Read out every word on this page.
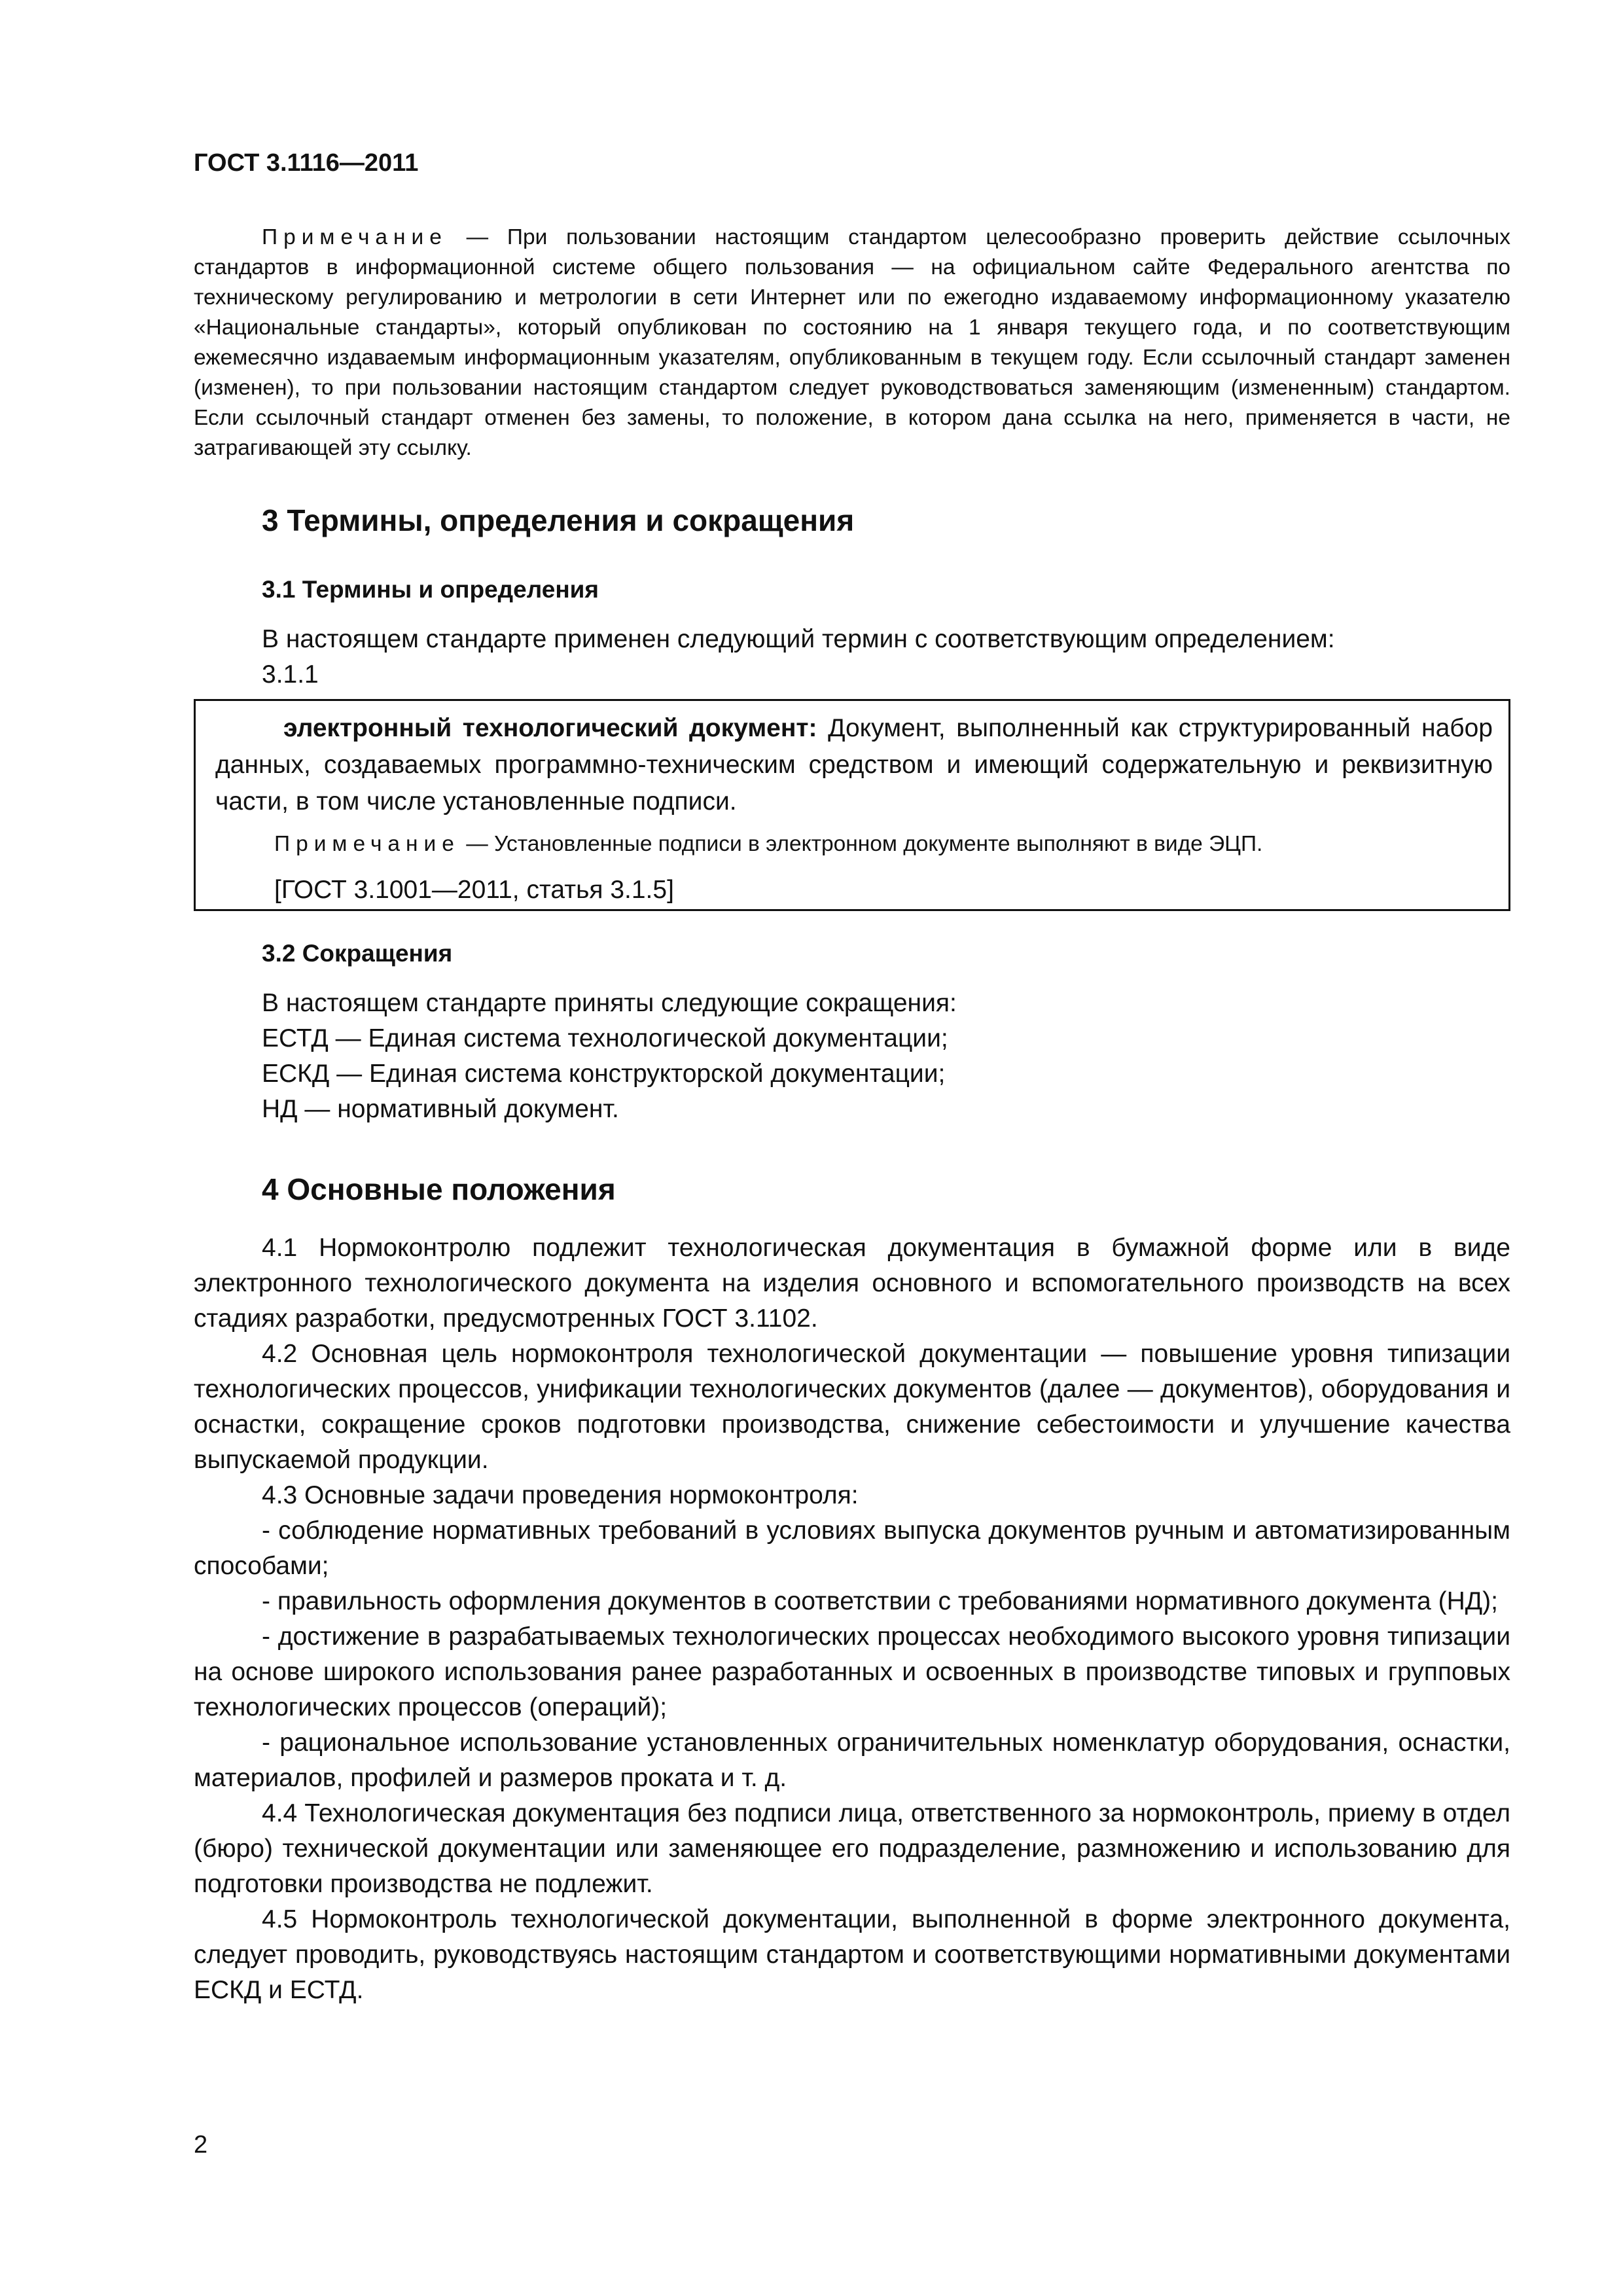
ГОСТ 3.1116—2011
Примечание — При пользовании настоящим стандартом целесообразно проверить действие ссылочных стандартов в информационной системе общего пользования — на официальном сайте Федерального агентства по техническому регулированию и метрологии в сети Интернет или по ежегодно издаваемому информационному указателю «Национальные стандарты», который опубликован по состоянию на 1 января текущего года, и по соответствующим ежемесячно издаваемым информационным указателям, опубликованным в текущем году. Если ссылочный стандарт заменен (изменен), то при пользовании настоящим стандартом следует руководствоваться заменяющим (измененным) стандартом. Если ссылочный стандарт отменен без замены, то положение, в котором дана ссылка на него, применяется в части, не затрагивающей эту ссылку.
3 Термины, определения и сокращения
3.1 Термины и определения
В настоящем стандарте применен следующий термин с соответствующим определением:
3.1.1
электронный технологический документ: Документ, выполненный как структурированный набор данных, создаваемых программно-техническим средством и имеющий содержательную и реквизитную части, в том числе установленные подписи.
Примечание — Установленные подписи в электронном документе выполняют в виде ЭЦП.
[ГОСТ 3.1001—2011, статья 3.1.5]
3.2 Сокращения
В настоящем стандарте приняты следующие сокращения:
ЕСТД — Единая система технологической документации;
ЕСКД — Единая система конструкторской документации;
НД — нормативный документ.
4 Основные положения

4.1 Нормоконтролю подлежит технологическая документация в бумажной форме или в виде электронного технологического документа на изделия основного и вспомогательного производств на всех стадиях разработки, предусмотренных ГОСТ 3.1102.

4.2 Основная цель нормоконтроля технологической документации — повышение уровня типизации технологических процессов, унификации технологических документов (далее — документов), оборудования и оснастки, сокращение сроков подготовки производства, снижение себестоимости и улучшение качества выпускаемой продукции.

4.3 Основные задачи проведения нормоконтроля:

- соблюдение нормативных требований в условиях выпуска документов ручным и автоматизированным способами;

- правильность оформления документов в соответствии с требованиями нормативного документа (НД);

- достижение в разрабатываемых технологических процессах необходимого высокого уровня типизации на основе широкого использования ранее разработанных и освоенных в производстве типовых и групповых технологических процессов (операций);

- рациональное использование установленных ограничительных номенклатур оборудования, оснастки, материалов, профилей и размеров проката и т. д.

4.4 Технологическая документация без подписи лица, ответственного за нормоконтроль, приему в отдел (бюро) технической документации или заменяющее его подразделение, размножению и использованию для подготовки производства не подлежит.

4.5 Нормоконтроль технологической документации, выполненной в форме электронного документа, следует проводить, руководствуясь настоящим стандартом и соответствующими нормативными документами ЕСКД и ЕСТД.

2
